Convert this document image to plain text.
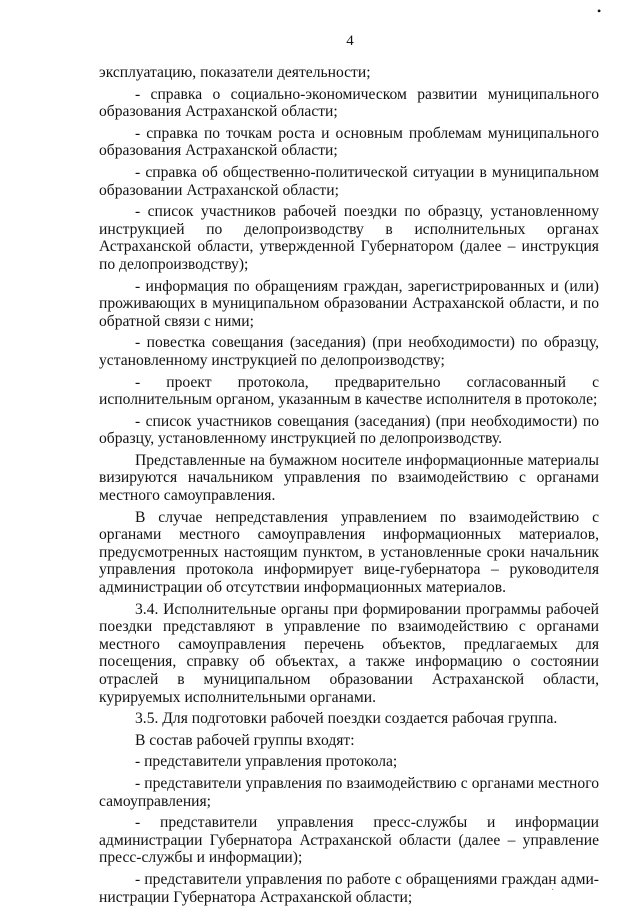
•
4

эксплуатацию, показатели деятельности;

- справка о социально-экономическом развитии муниципального образования Астраханской области;

- справка по точкам роста и основным проблемам муниципального образования Астраханской области;

- справка об общественно-политической ситуации в муниципальном образовании Астраханской области;

- список участников рабочей поездки по образцу, установленному инструкцией по делопроизводству в исполнительных органах Астраханской области, утвержденной Губернатором (далее – инструкция по делопроизводству);

- информация по обращениям граждан, зарегистрированных и (или) проживающих в муниципальном образовании Астраханской области, и по обратной связи с ними;

- повестка совещания (заседания) (при необходимости) по образцу, установленному инструкцией по делопроизводству;

- проект протокола, предварительно согласованный с исполнительным органом, указанным в качестве исполнителя в протоколе;

- список участников совещания (заседания) (при необходимости) по образцу, установленному инструкцией по делопроизводству.

Представленные на бумажном носителе информационные материалы визируются начальником управления по взаимодействию с органами местного самоуправления.

В случае непредставления управлением по взаимодействию с органами местного самоуправления информационных материалов, предусмотренных настоящим пунктом, в установленные сроки начальник управления протокола информирует вице-губернатора – руководителя администрации об отсутствии информационных материалов.

3.4. Исполнительные органы при формировании программы рабочей поездки представляют в управление по взаимодействию с органами местного самоуправления перечень объектов, предлагаемых для посещения, справку об объектах, а также информацию о состоянии отраслей в муниципальном образовании Астраханской области, курируемых исполнительными органами.

3.5. Для подготовки рабочей поездки создается рабочая группа.

В состав рабочей группы входят:

- представители управления протокола;

- представители управления по взаимодействию с органами местного самоуправления;

- представители управления пресс-службы и информации администрации Губернатора Астраханской области (далее – управление пресс-службы и информации);

- представители управления по работе с обращениями граждан администрации Губернатора Астраханской области;	·
